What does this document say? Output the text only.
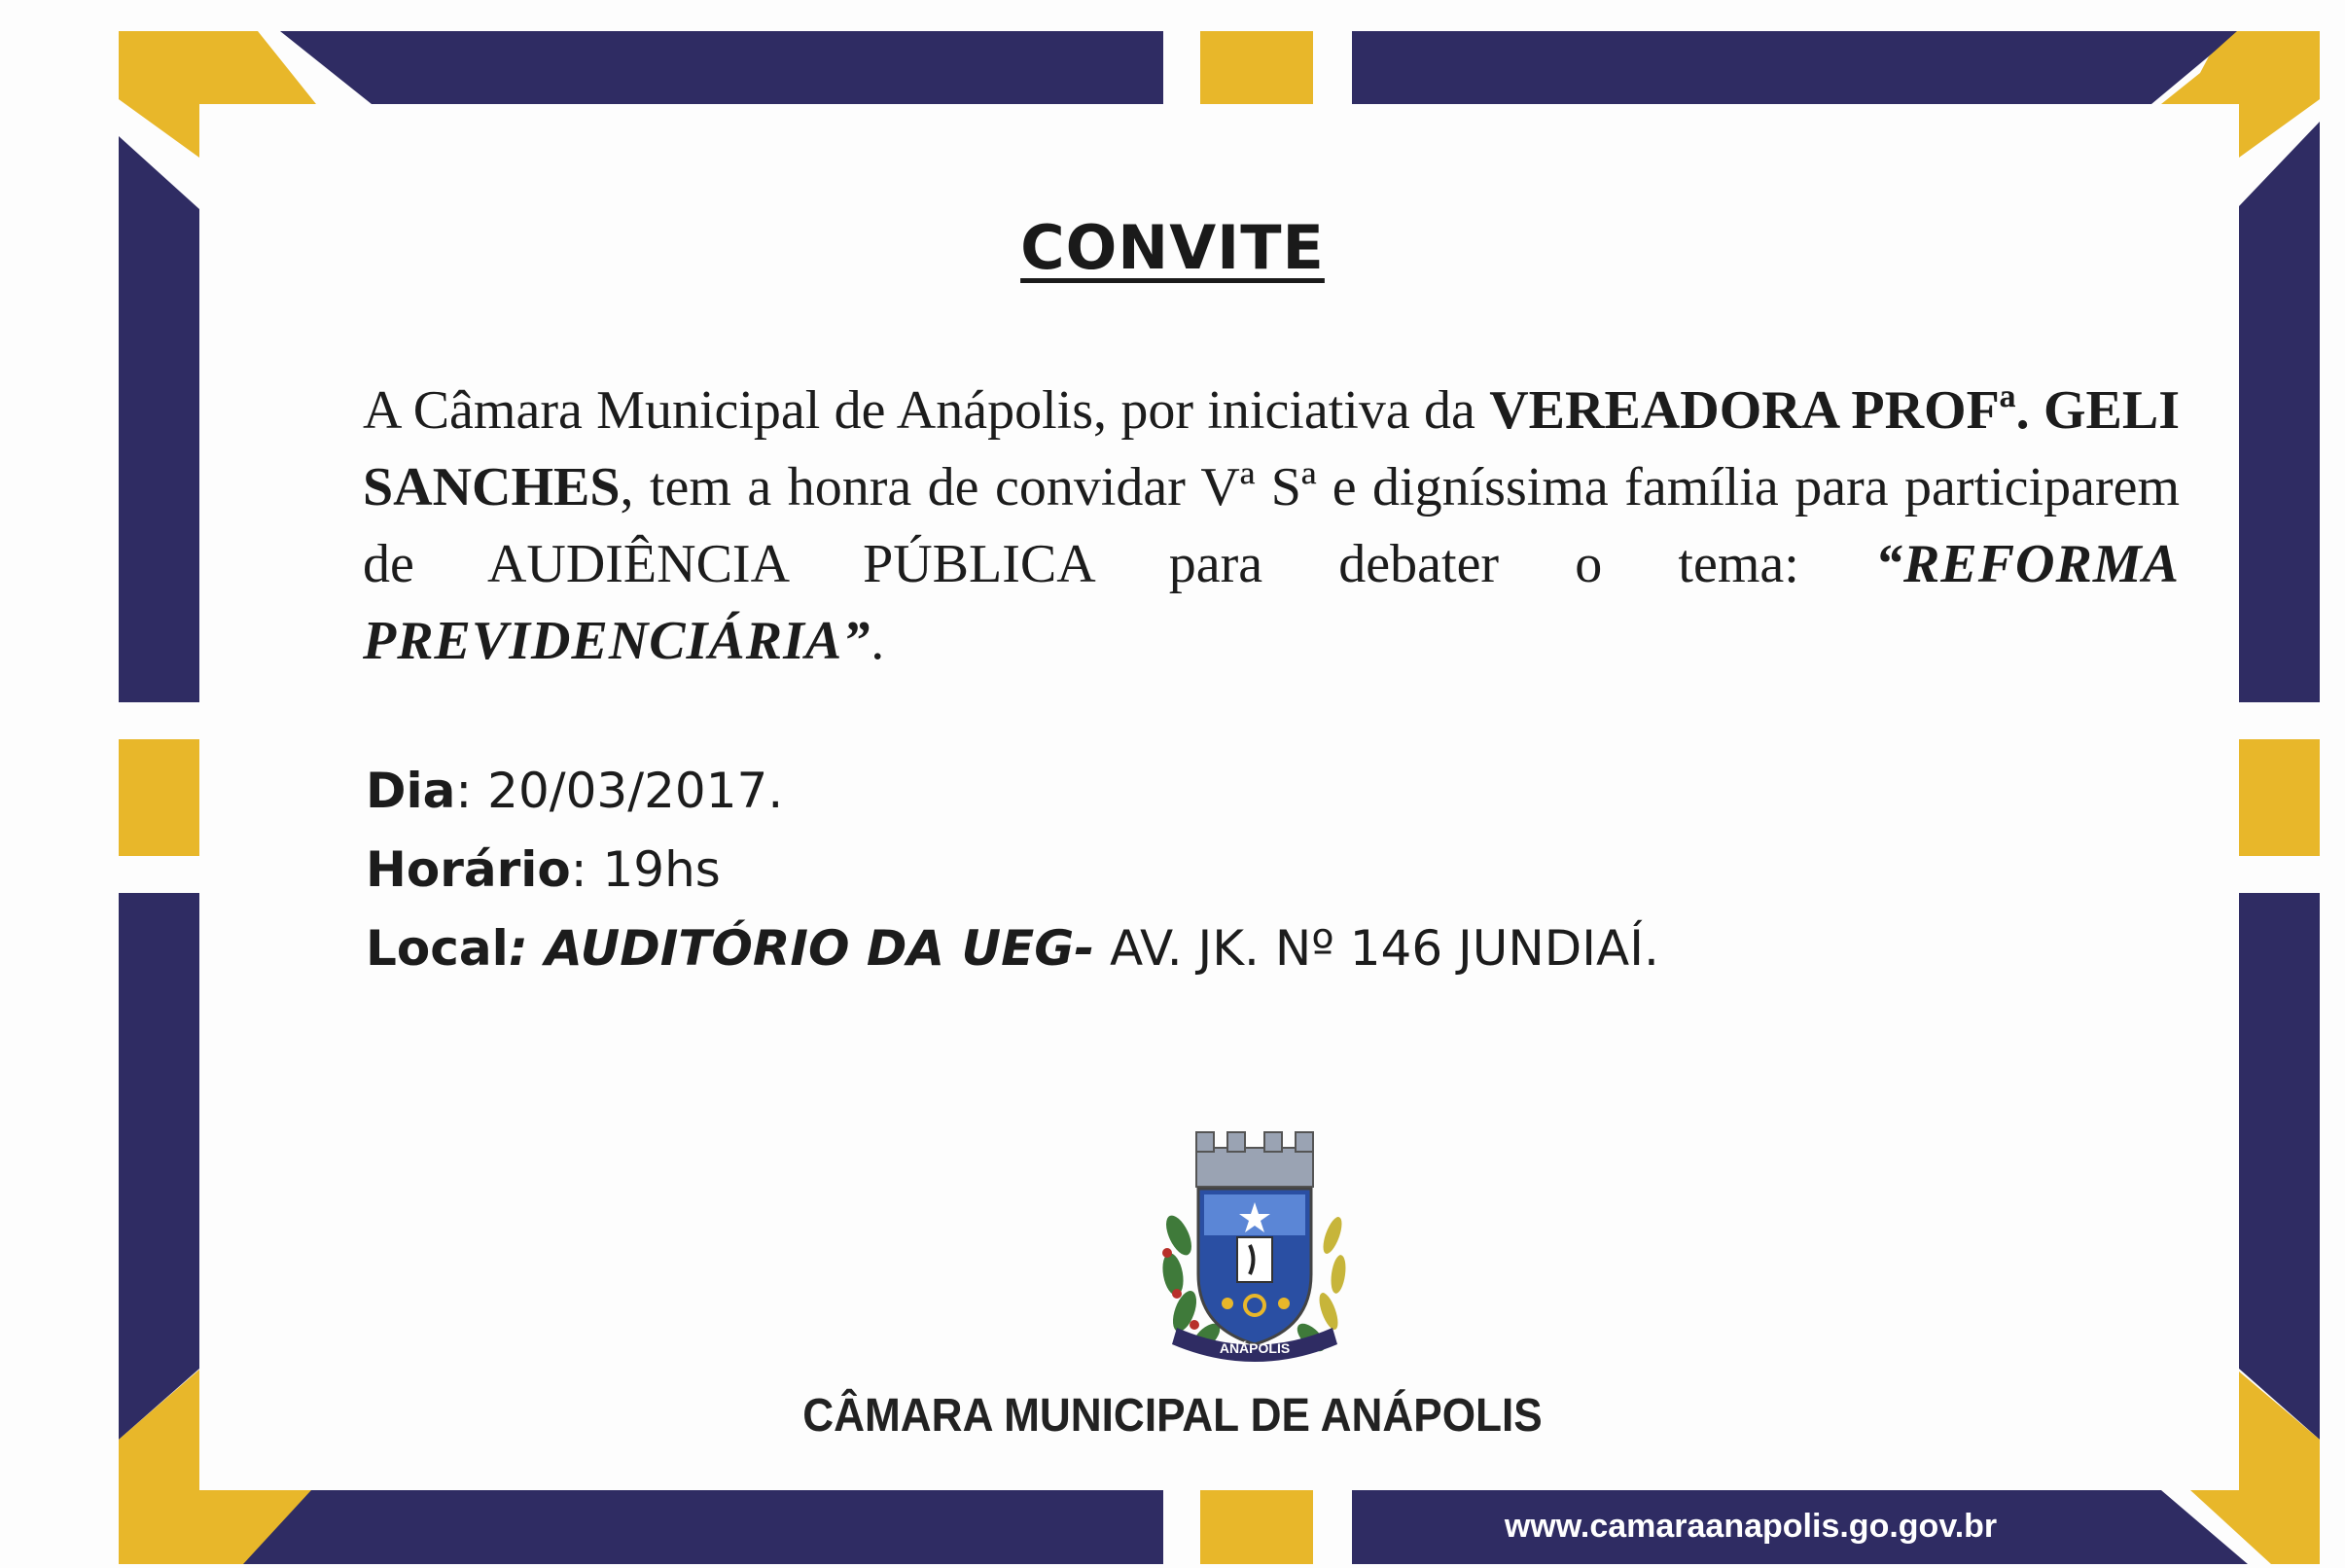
CONVITE

A Câmara Municipal de Anápolis, por iniciativa da VEREADORA PROFª. GELI SANCHES, tem a honra de convidar Vª Sª e digníssima família para participarem de AUDIÊNCIA PÚBLICA para debater o tema: “REFORMA PREVIDENCIÁRIA”.

Dia: 20/03/2017.
Horário: 19hs
Local: AUDITÓRIO DA UEG- AV. JK. Nº 146 JUNDIAÍ.
ANÁPOLIS
CÂMARA MUNICIPAL DE ANÁPOLIS
www.camaraanapolis.go.gov.br
